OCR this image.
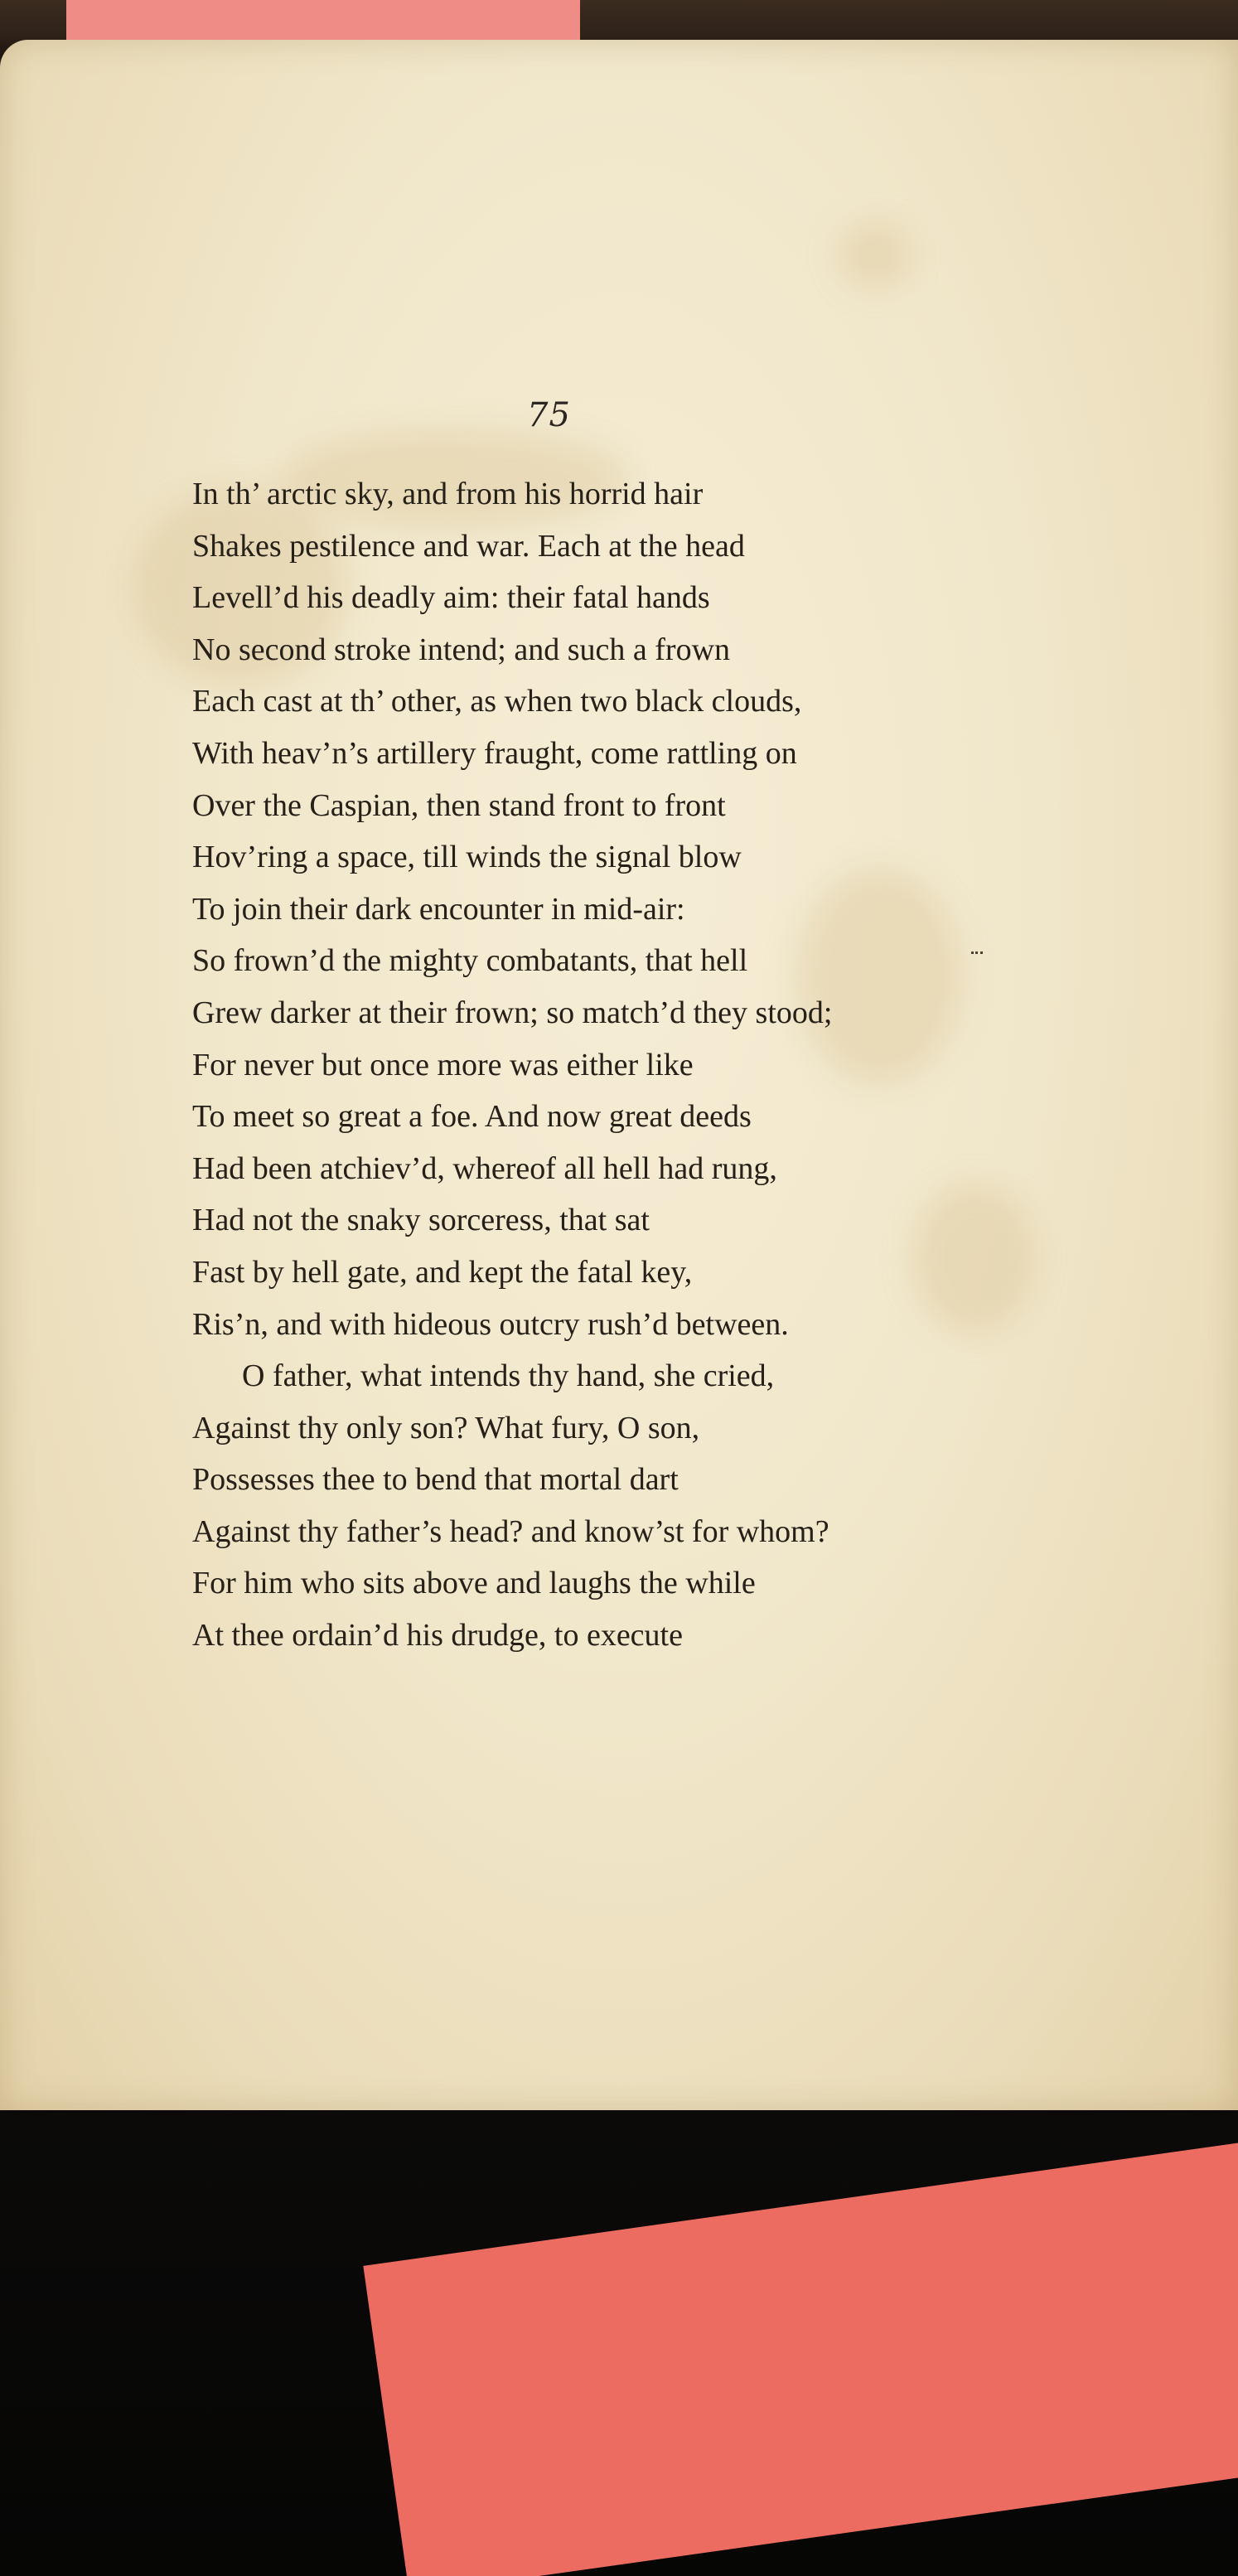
75
In th’ arctic sky, and from his horrid hair
Shakes pestilence and war. Each at the head
Levell’d his deadly aim: their fatal hands
No second stroke intend; and such a frown
Each cast at th’ other, as when two black clouds,
With heav’n’s artillery fraught, come rattling on
Over the Caspian, then stand front to front
Hov’ring a space, till winds the signal blow
To join their dark encounter in mid-air:
So frown’d the mighty combatants, that hell
Grew darker at their frown; so match’d they stood;
For never but once more was either like
To meet so great a foe. And now great deeds
Had been atchiev’d, whereof all hell had rung,
Had not the snaky sorceress, that sat
Fast by hell gate, and kept the fatal key,
Ris’n, and with hideous outcry rush’d between.
O father, what intends thy hand, she cried,
Against thy only son? What fury, O son,
Possesses thee to bend that mortal dart
Against thy father’s head? and know’st for whom?
For him who sits above and laughs the while
At thee ordain’d his drudge, to execute
